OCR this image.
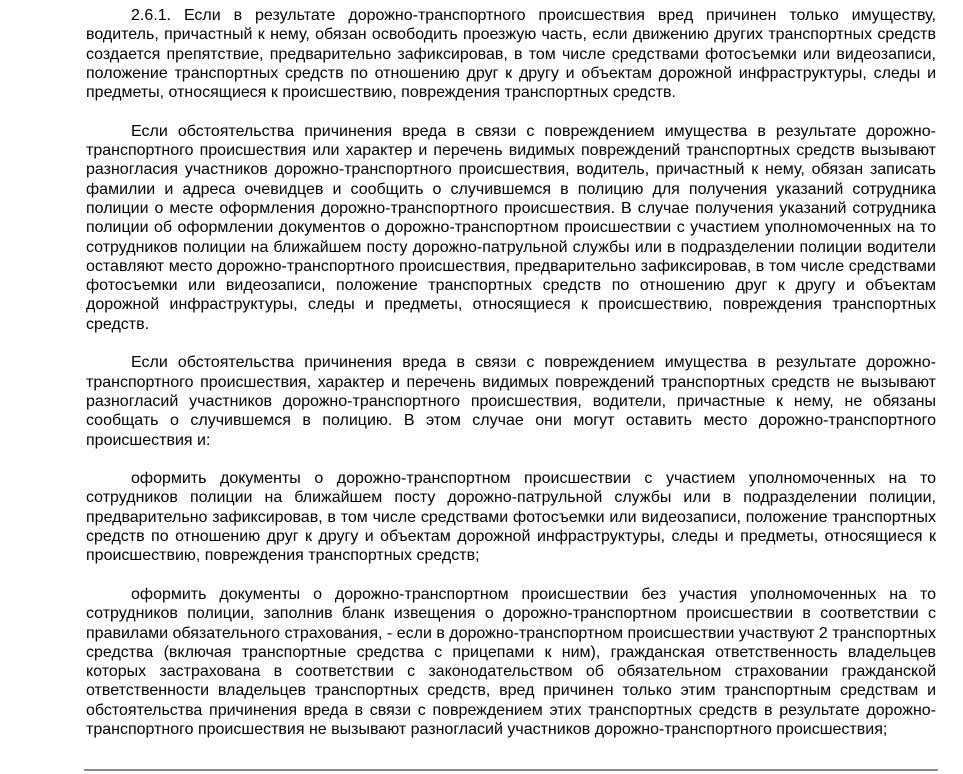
2.6.1. Если в результате дорожно-транспортного происшествия вред причинен только имуществу, водитель, причастный к нему, обязан освободить проезжую часть, если движению других транспортных средств создается препятствие, предварительно зафиксировав, в том числе средствами фотосъемки или видеозаписи, положение транспортных средств по отношению друг к другу и объектам дорожной инфраструктуры, следы и предметы, относящиеся к происшествию, повреждения транспортных средств.

Если обстоятельства причинения вреда в связи с повреждением имущества в результате дорожно-транспортного происшествия или характер и перечень видимых повреждений транспортных средств вызывают разногласия участников дорожно-транспортного происшествия, водитель, причастный к нему, обязан записать фамилии и адреса очевидцев и сообщить о случившемся в полицию для получения указаний сотрудника полиции о месте оформления дорожно-транспортного происшествия. В случае получения указаний сотрудника полиции об оформлении документов о дорожно-транспортном происшествии с участием уполномоченных на то сотрудников полиции на ближайшем посту дорожно-патрульной службы или в подразделении полиции водители оставляют место дорожно-транспортного происшествия, предварительно зафиксировав, в том числе средствами фотосъемки или видеозаписи, положение транспортных средств по отношению друг к другу и объектам дорожной инфраструктуры, следы и предметы, относящиеся к происшествию, повреждения транспортных средств.

Если обстоятельства причинения вреда в связи с повреждением имущества в результате дорожно-транспортного происшествия, характер и перечень видимых повреждений транспортных средств не вызывают разногласий участников дорожно-транспортного происшествия, водители, причастные к нему, не обязаны сообщать о случившемся в полицию. В этом случае они могут оставить место дорожно-транспортного происшествия и:

оформить документы о дорожно-транспортном происшествии с участием уполномоченных на то сотрудников полиции на ближайшем посту дорожно-патрульной службы или в подразделении полиции, предварительно зафиксировав, в том числе средствами фотосъемки или видеозаписи, положение транспортных средств по отношению друг к другу и объектам дорожной инфраструктуры, следы и предметы, относящиеся к происшествию, повреждения транспортных средств;

оформить документы о дорожно-транспортном происшествии без участия уполномоченных на то сотрудников полиции, заполнив бланк извещения о дорожно-транспортном происшествии в соответствии с правилами обязательного страхования, - если в дорожно-транспортном происшествии участвуют 2 транспортных средства (включая транспортные средства с прицепами к ним), гражданская ответственность владельцев которых застрахована в соответствии с законодательством об обязательном страховании гражданской ответственности владельцев транспортных средств, вред причинен только этим транспортным средствам и обстоятельства причинения вреда в связи с повреждением этих транспортных средств в результате дорожно-транспортного происшествия не вызывают разногласий участников дорожно-транспортного происшествия;
